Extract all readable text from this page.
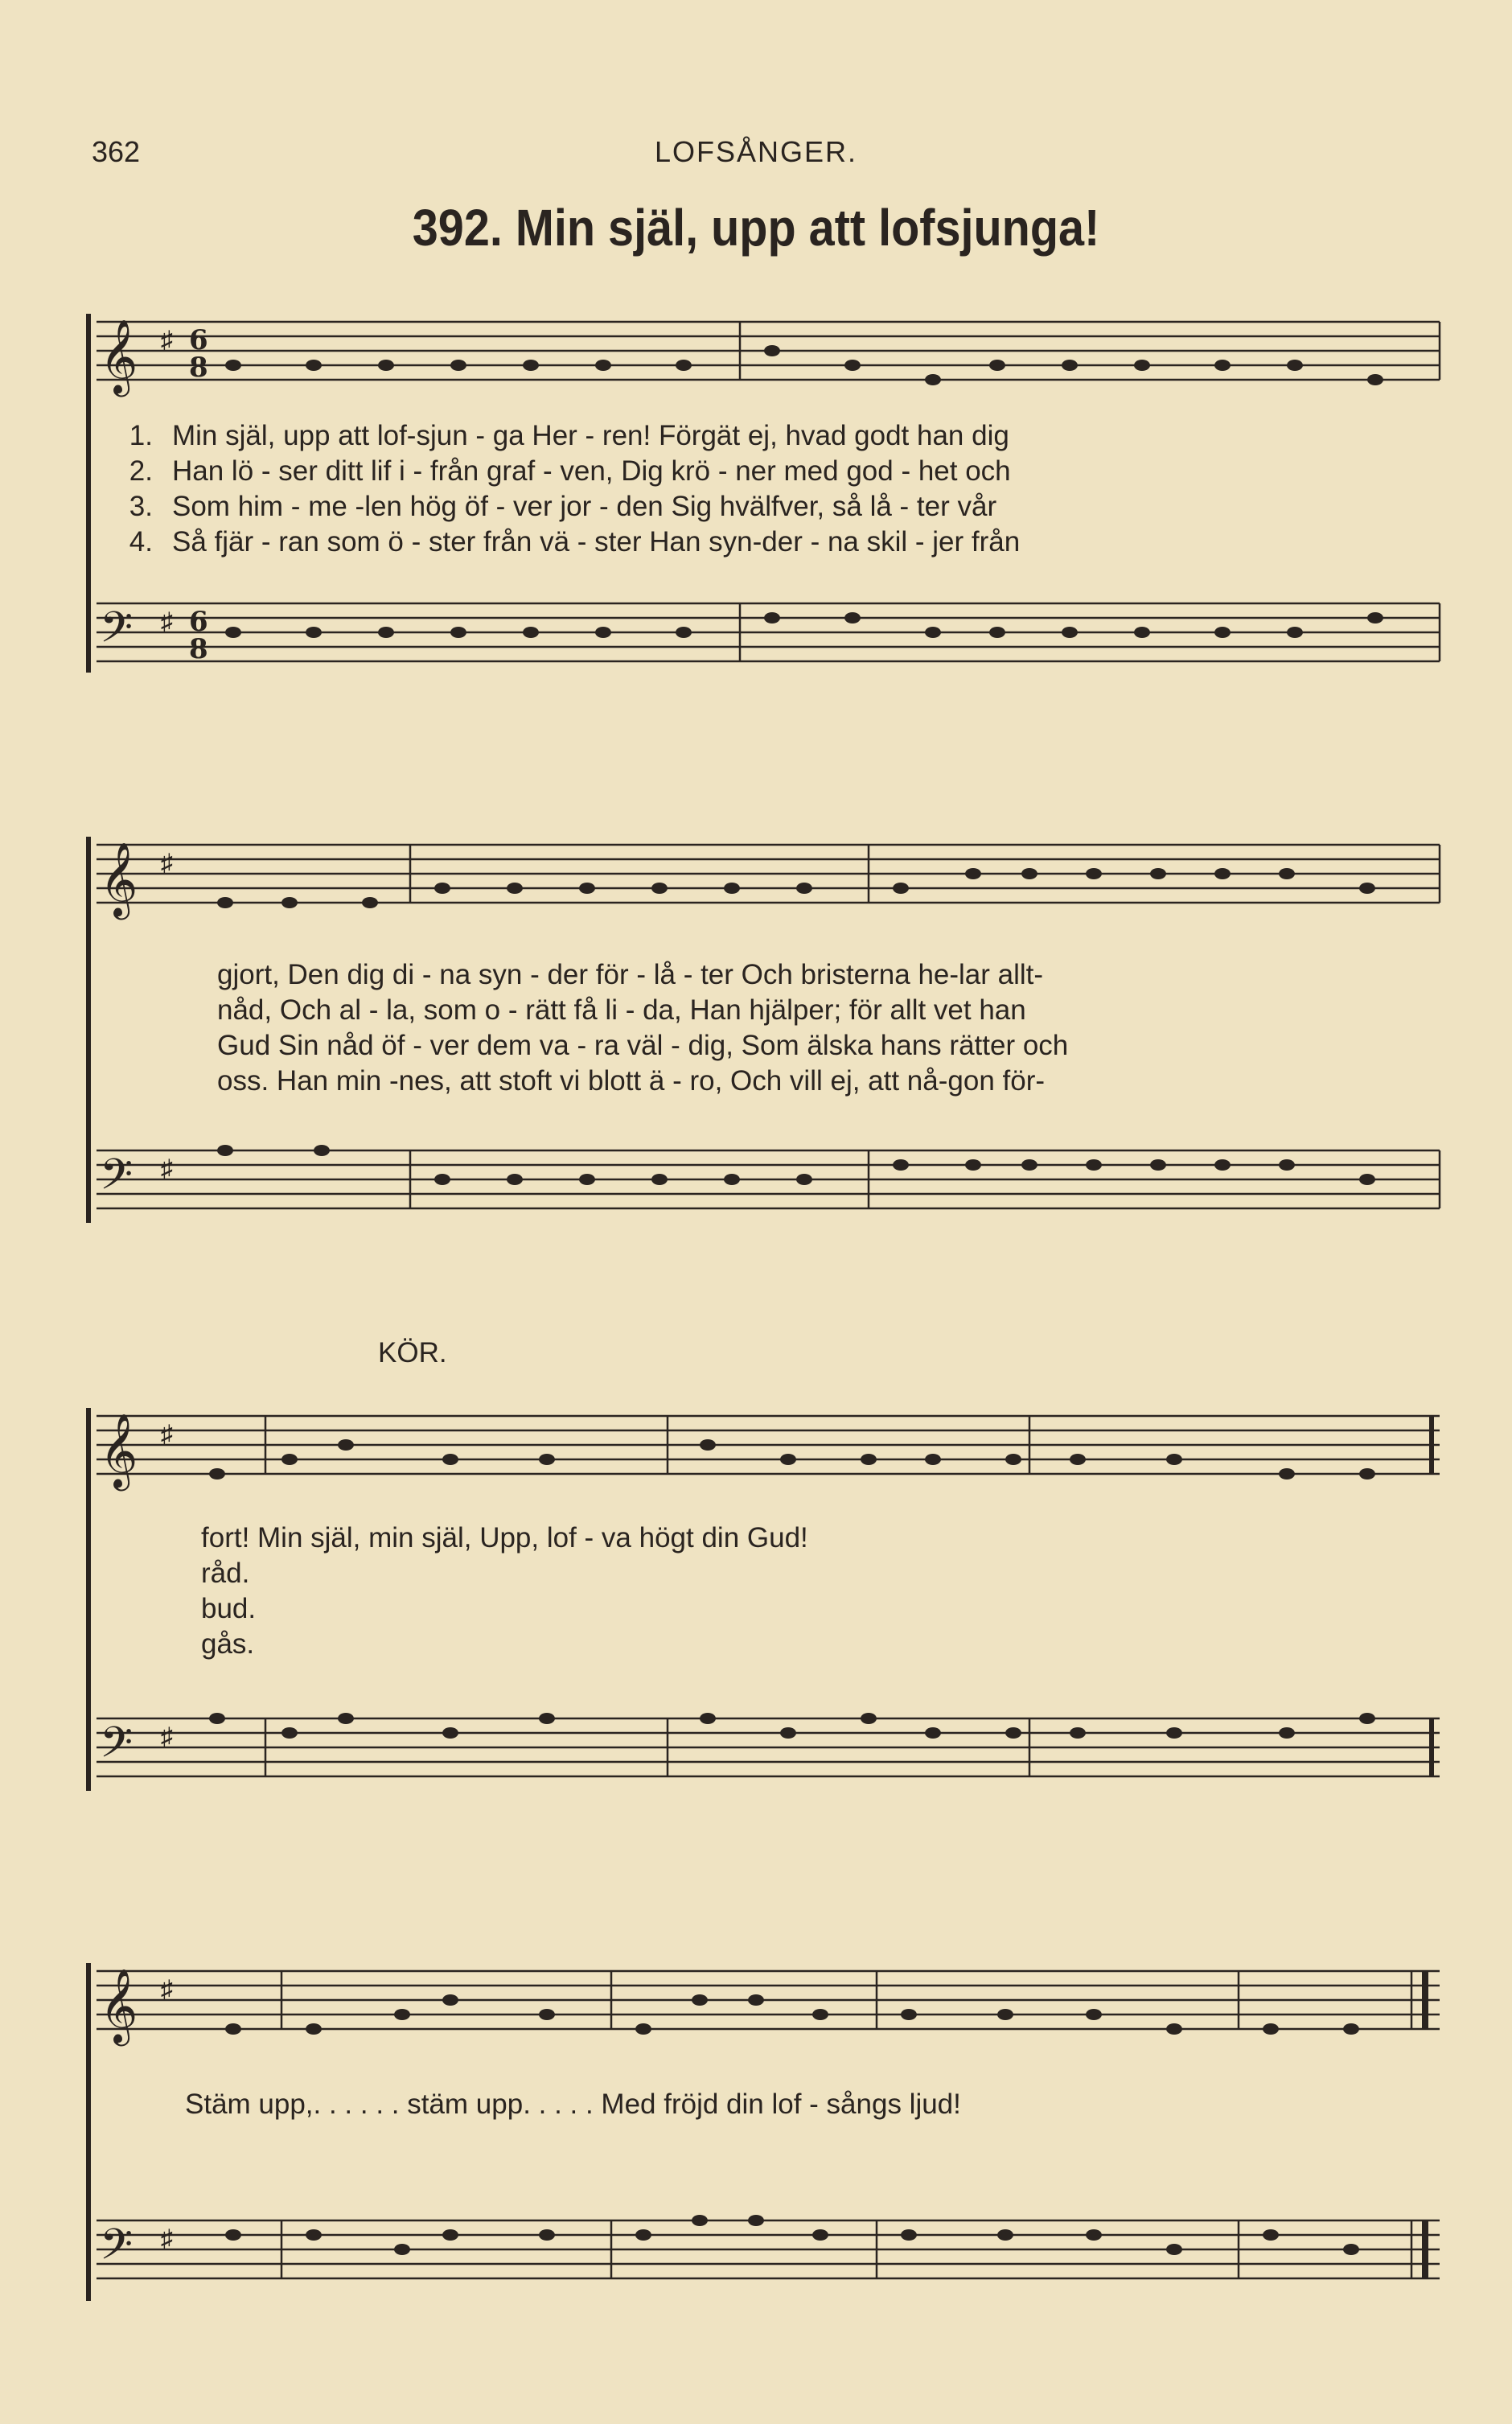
362	LOFSÅNGER.
392. Min själ, upp att lofsjunga!
𝄞
𝄢
♯
♯
6
8
6
8
1. Min själ, upp att lof-sjun - ga Her - ren! Förgät ej, hvad godt han dig
2. Han lö - ser ditt lif i - från graf - ven, Dig krö - ner med god - het och
3. Som him - me -len hög öf - ver jor - den Sig hvälfver, så lå - ter vår
4. Så fjär - ran som ö - ster från vä - ster Han syn-der - na skil - jer från
𝄞
𝄢
♯
♯
gjort, Den dig di - na syn - der för - lå - ter Och bristerna he-lar allt-
nåd, Och al - la, som o - rätt få li - da, Han hjälper; för allt vet han
Gud Sin nåd öf - ver dem va - ra väl - dig, Som älska hans rätter och
oss. Han min -nes, att stoft vi blott ä - ro, Och vill ej, att nå-gon för-
KÖR.
𝄞
𝄢
♯
♯
fort! Min själ, min själ, Upp, lof - va högt din Gud!
råd.
bud.
gås.
𝄞
𝄢
♯
♯
Stäm upp,. . . . . . stäm upp. . . . . Med fröjd din lof - sångs ljud!
